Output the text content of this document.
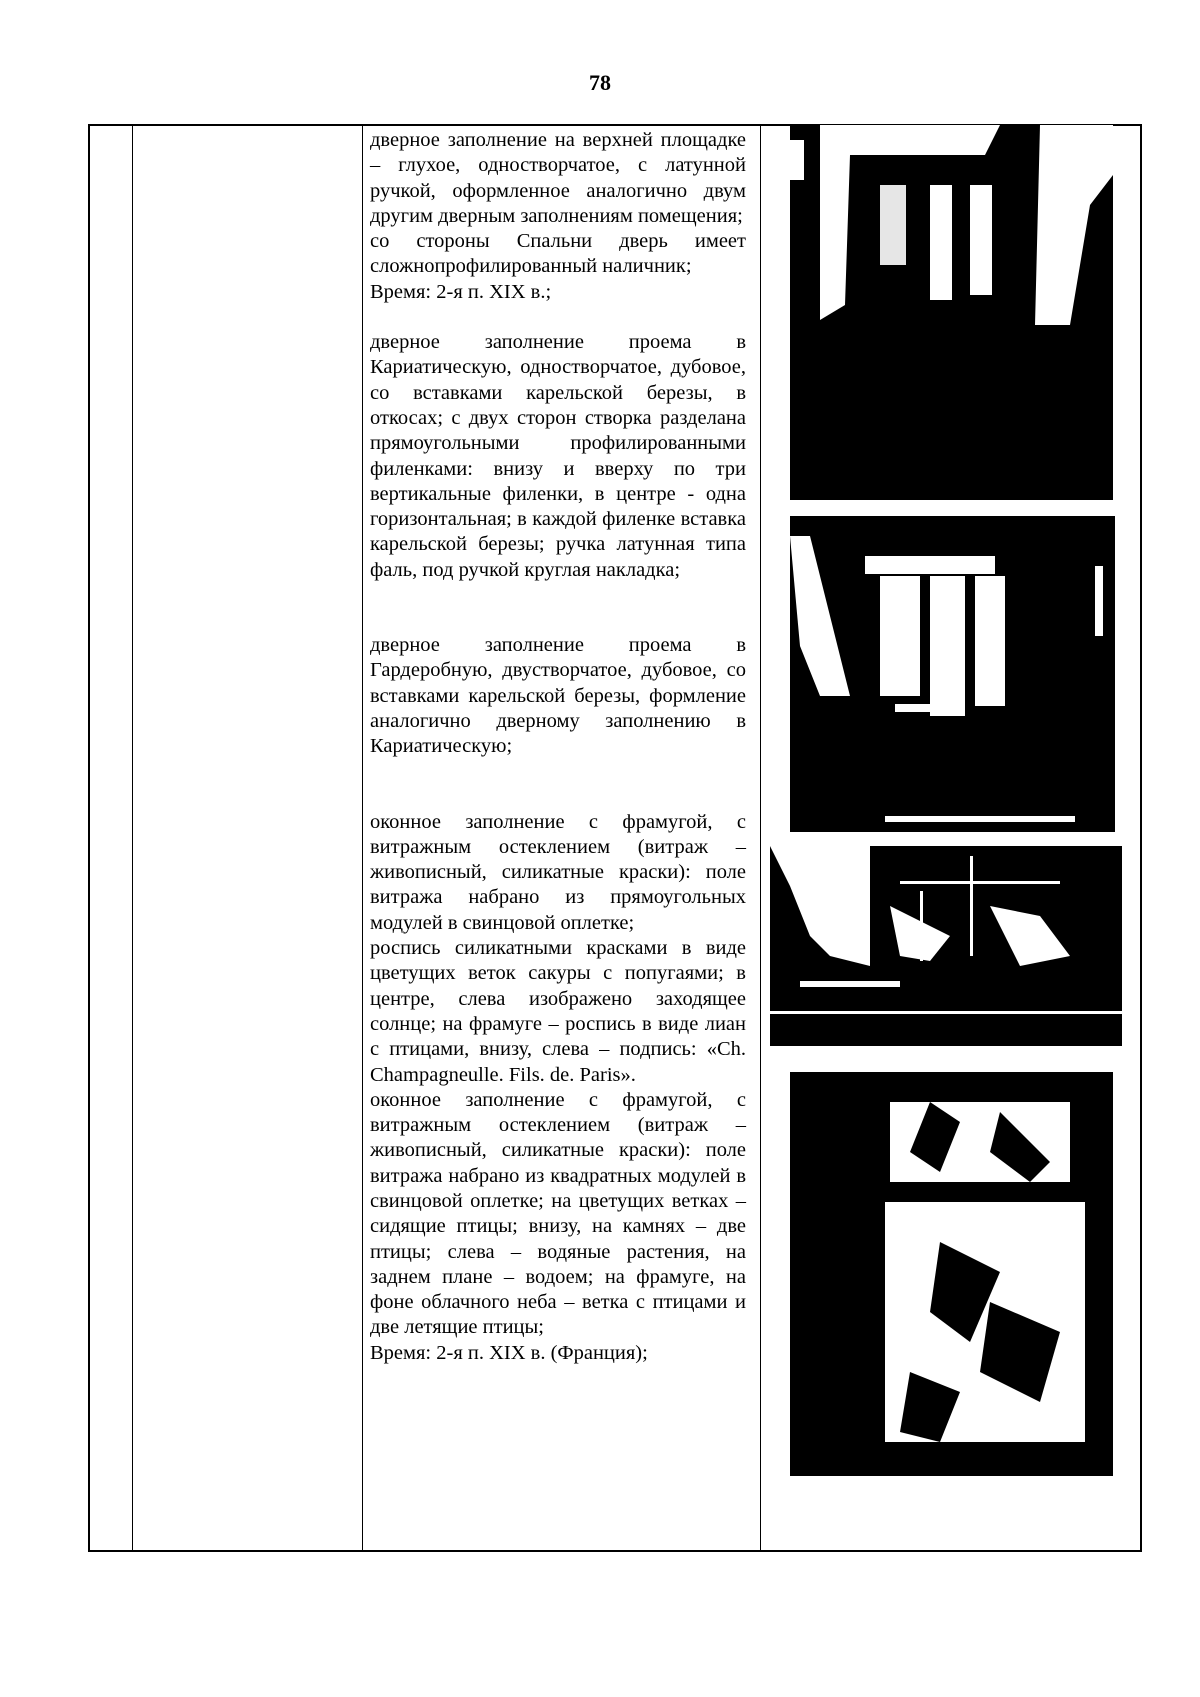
78

дверное заполнение на верхней площадке – глухое, одностворчатое, с латунной ручкой, оформленное аналогично двум другим дверным заполнениям помещения;

со стороны Спальни дверь имеет сложнопрофилированный наличник;

Время: 2-я п. XIX в.;

дверное заполнение проема в Кариатическую, одностворчатое, дубовое, со вставками карельской березы, в откосах; с двух сторон створка разделана прямоугольными профилированными филенками: внизу и вверху по три вертикальные филенки, в центре - одна горизонтальная; в каждой филенке вставка карельской березы; ручка латунная типа фаль, под ручкой круглая накладка;

дверное заполнение проема в Гардеробную, двустворчатое, дубовое, со вставками карельской березы, формление аналогично дверному заполнению в Кариатическую;

оконное заполнение с фрамугой, с витражным остеклением (витраж – живописный, силикатные краски): поле витража набрано из прямоугольных модулей в свинцовой оплетке;

роспись силикатными красками в виде цветущих веток сакуры с попугаями; в центре, слева изображено заходящее солнце; на фрамуге – роспись в виде лиан с птицами, внизу, слева – подпись: «Ch. Champagneulle. Fils. de. Paris».

оконное заполнение с фрамугой, с витражным остеклением (витраж – живописный, силикатные краски): поле витража набрано из квадратных модулей в свинцовой оплетке; на цветущих ветках – сидящие птицы; внизу, на камнях – две птицы; слева – водяные растения, на заднем плане – водоем; на фрамуге, на фоне облачного неба – ветка с птицами и две летящие птицы;

Время: 2-я п. XIX в. (Франция);
